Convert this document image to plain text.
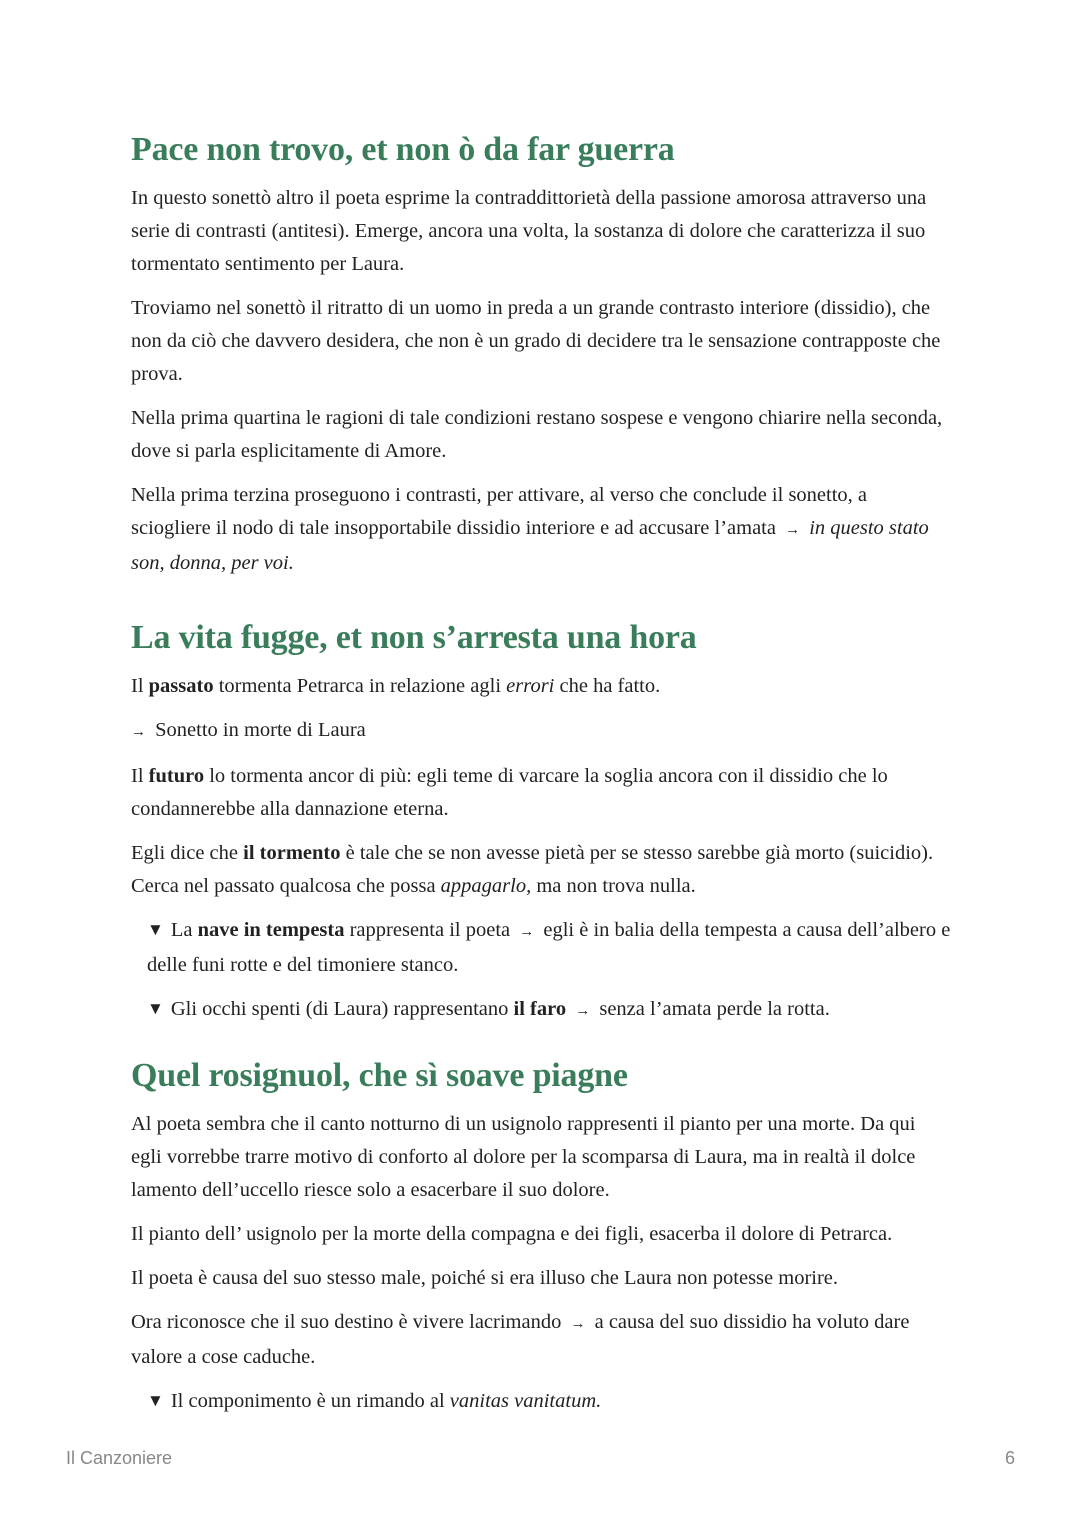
Pace non trovo, et non ò da far guerra

In questo sonettò altro il poeta esprime la contraddittorietà della passione amorosa attraverso una serie di contrasti (antitesi). Emerge, ancora una volta, la sostanza di dolore che caratterizza il suo tormentato sentimento per Laura.

Troviamo nel sonettò il ritratto di un uomo in preda a un grande contrasto interiore (dissidio), che non da ciò che davvero desidera, che non è un grado di decidere tra le sensazione contrapposte che prova.

Nella prima quartina le ragioni di tale condizioni restano sospese e vengono chiarire nella seconda, dove si parla esplicitamente di Amore.

Nella prima terzina proseguono i contrasti, per attivare, al verso che conclude il sonetto, a sciogliere il nodo di tale insopportabile dissidio interiore e ad accusare l’amata → in questo stato son, donna, per voi.

La vita fugge, et non s’arresta una hora

Il passato tormenta Petrarca in relazione agli errori che ha fatto.

→ Sonetto in morte di Laura

Il futuro lo tormenta ancor di più: egli teme di varcare la soglia ancora con il dissidio che lo condannerebbe alla dannazione eterna.

Egli dice che il tormento è tale che se non avesse pietà per se stesso sarebbe già morto (suicidio). Cerca nel passato qualcosa che possa appagarlo, ma non trova nulla.

▼ La nave in tempesta rappresenta il poeta → egli è in balia della tempesta a causa dell’albero e delle funi rotte e del timoniere stanco.
▼ Gli occhi spenti (di Laura) rappresentano il faro → senza l’amata perde la rotta.
Quel rosignuol, che sì soave piagne

Al poeta sembra che il canto notturno di un usignolo rappresenti il pianto per una morte. Da qui egli vorrebbe trarre motivo di conforto al dolore per la scomparsa di Laura, ma in realtà il dolce lamento dell’uccello riesce solo a esacerbare il suo dolore.

Il pianto dell’ usignolo per la morte della compagna e dei figli, esacerba il dolore di Petrarca.

Il poeta è causa del suo stesso male, poiché si era illuso che Laura non potesse morire.

Ora riconosce che il suo destino è vivere lacrimando → a causa del suo dissidio ha voluto dare valore a cose caduche.

▼ Il componimento è un rimando al vanitas vanitatum.
Il Canzoniere	6
